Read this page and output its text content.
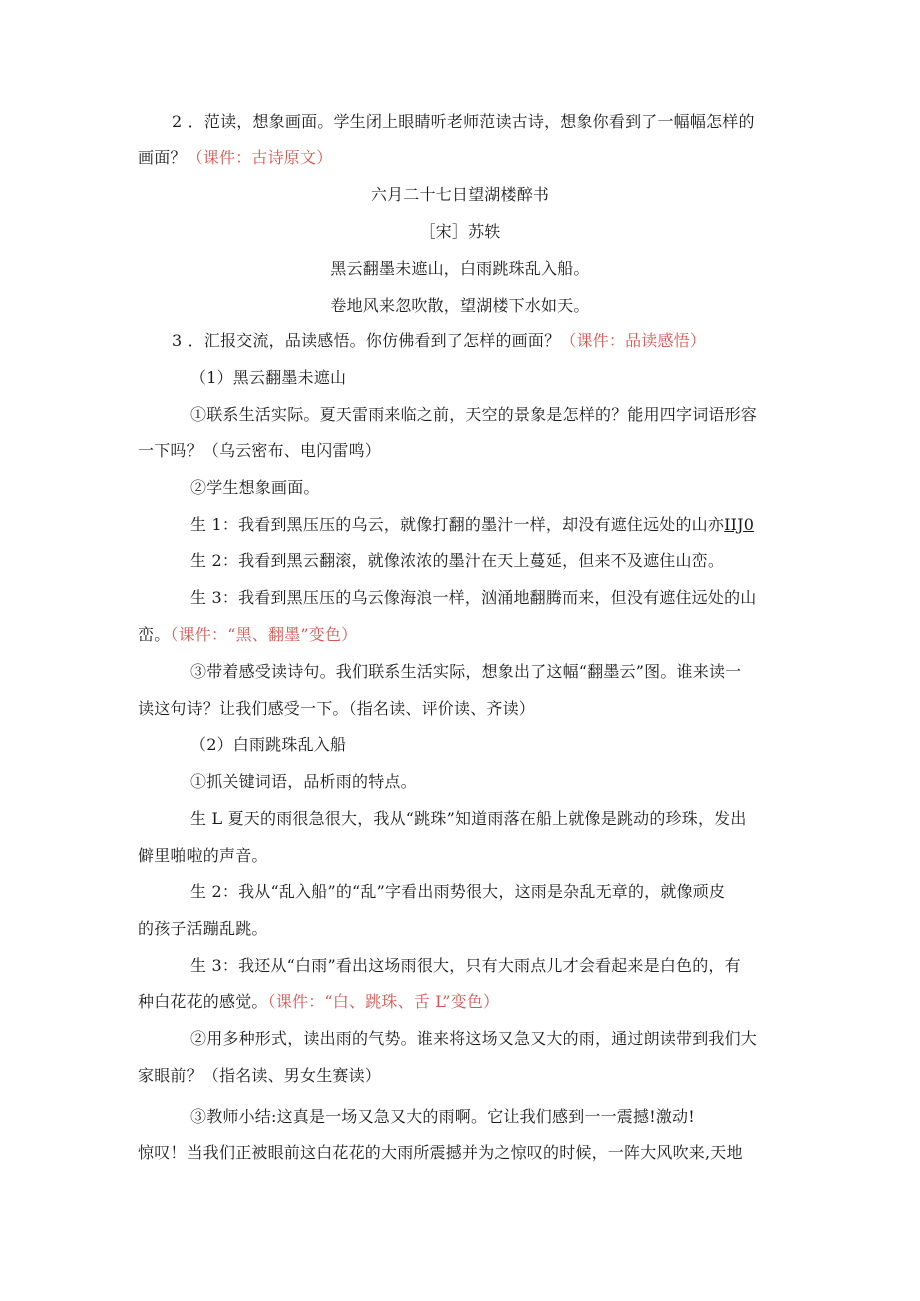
2 ．范读，想象画面。学生闭上眼睛听老师范读古诗，想象你看到了一幅幅怎样的
画面？（课件：古诗原文）
六月二十七日望湖楼醉书
［宋］苏轶
黑云翻墨未遮山，白雨跳珠乱入船。
卷地风来忽吹散，望湖楼下水如天。
3 ．汇报交流，品读感悟。你仿佛看到了怎样的画面？（课件：品读感悟）
（1）黑云翻墨未遮山
①联系生活实际。夏天雷雨来临之前，天空的景象是怎样的？能用四字词语形容
一下吗？（乌云密布、电闪雷鸣）
②学生想象画面。
生 1：我看到黑压压的乌云，就像打翻的墨汁一样，却没有遮住远处的山亦IIJ0
生 2：我看到黑云翻滚，就像浓浓的墨汁在天上蔓延，但来不及遮住山峦。
生 3：我看到黑压压的乌云像海浪一样，汹涌地翻腾而来，但没有遮住远处的山
峦。（课件：“黑、翻墨”变色）
③带着感受读诗句。我们联系生活实际，想象出了这幅“翻墨云”图。谁来读一
读这句诗？让我们感受一下。（指名读、评价读、齐读）
（2）白雨跳珠乱入船
①抓关键词语，品析雨的特点。
生 L 夏天的雨很急很大，我从“跳珠”知道雨落在船上就像是跳动的珍珠，发出
僻里啪啦的声音。
生 2：我从“乱入船”的“乱”字看出雨势很大，这雨是杂乱无章的，就像顽皮
的孩子活蹦乱跳。
生 3：我还从“白雨”看出这场雨很大，只有大雨点儿才会看起来是白色的，有
种白花花的感觉。（课件：“白、跳珠、舌 L”变色）
②用多种形式，读出雨的气势。谁来将这场又急又大的雨，通过朗读带到我们大
家眼前？（指名读、男女生赛读）
③教师小结:这真是一场又急又大的雨啊。它让我们感到一一震撼!激动!
惊叹！当我们正被眼前这白花花的大雨所震撼并为之惊叹的时候，一阵大风吹来,天地
